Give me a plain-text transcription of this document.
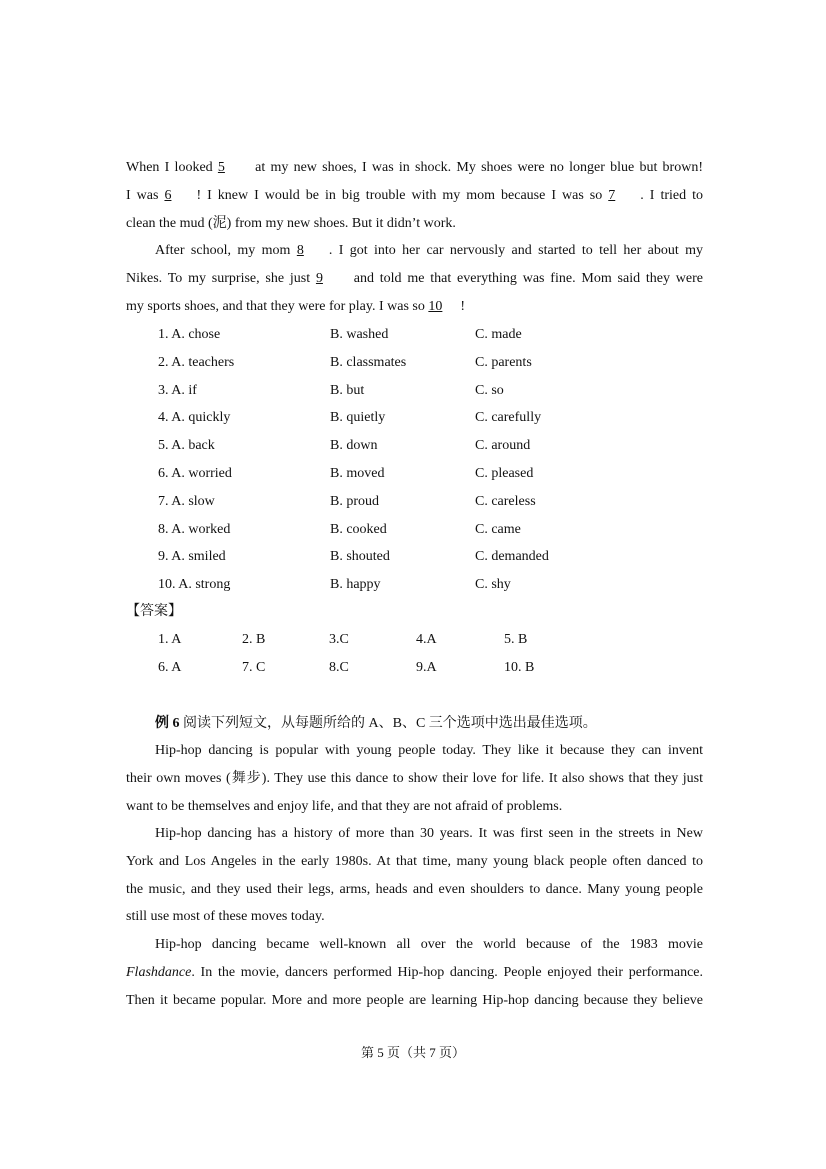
When I looked 5 at my new shoes, I was in shock. My shoes were no longer blue but brown!
I was 6 ! I knew I would be in big trouble with my mom because I was so 7 . I tried to
clean the mud (泥) from my new shoes. But it didn’t work.
After school, my mom 8 . I got into her car nervously and started to tell her about my
Nikes. To my surprise, she just 9 and told me that everything was fine. Mom said they were
my sports shoes, and that they were for play. I was so 10 !
1. A. chose	B. washed	C. made
2. A. teachers	B. classmates	C. parents
3. A. if	B. but	C. so
4. A. quickly	B. quietly	C. carefully
5. A. back	B. down	C. around
6. A. worried	B. moved	C. pleased
7. A. slow	B. proud	C. careless
8. A. worked	B. cooked	C. came
9. A. smiled	B. shouted	C. demanded
10. A. strong	B. happy	C. shy
【答案】
1. A	2. B	3.C	4.A	5. B
6. A	7. C	8.C	9.A	10. B
例 6 阅读下列短文，从每题所给的 A、B、C 三个选项中选出最佳选项。
Hip-hop dancing is popular with young people today. They like it because they can invent
their own moves (舞步). They use this dance to show their love for life. It also shows that they just
want to be themselves and enjoy life, and that they are not afraid of problems.
Hip-hop dancing has a history of more than 30 years. It was first seen in the streets in New
York and Los Angeles in the early 1980s. At that time, many young black people often danced to
the music, and they used their legs, arms, heads and even shoulders to dance. Many young people
still use most of these moves today.
Hip-hop dancing became well-known all over the world because of the 1983 movie
Flashdance. In the movie, dancers performed Hip-hop dancing. People enjoyed their performance.
Then it became popular. More and more people are learning Hip-hop dancing because they believe
第 5 页（共 7 页）
